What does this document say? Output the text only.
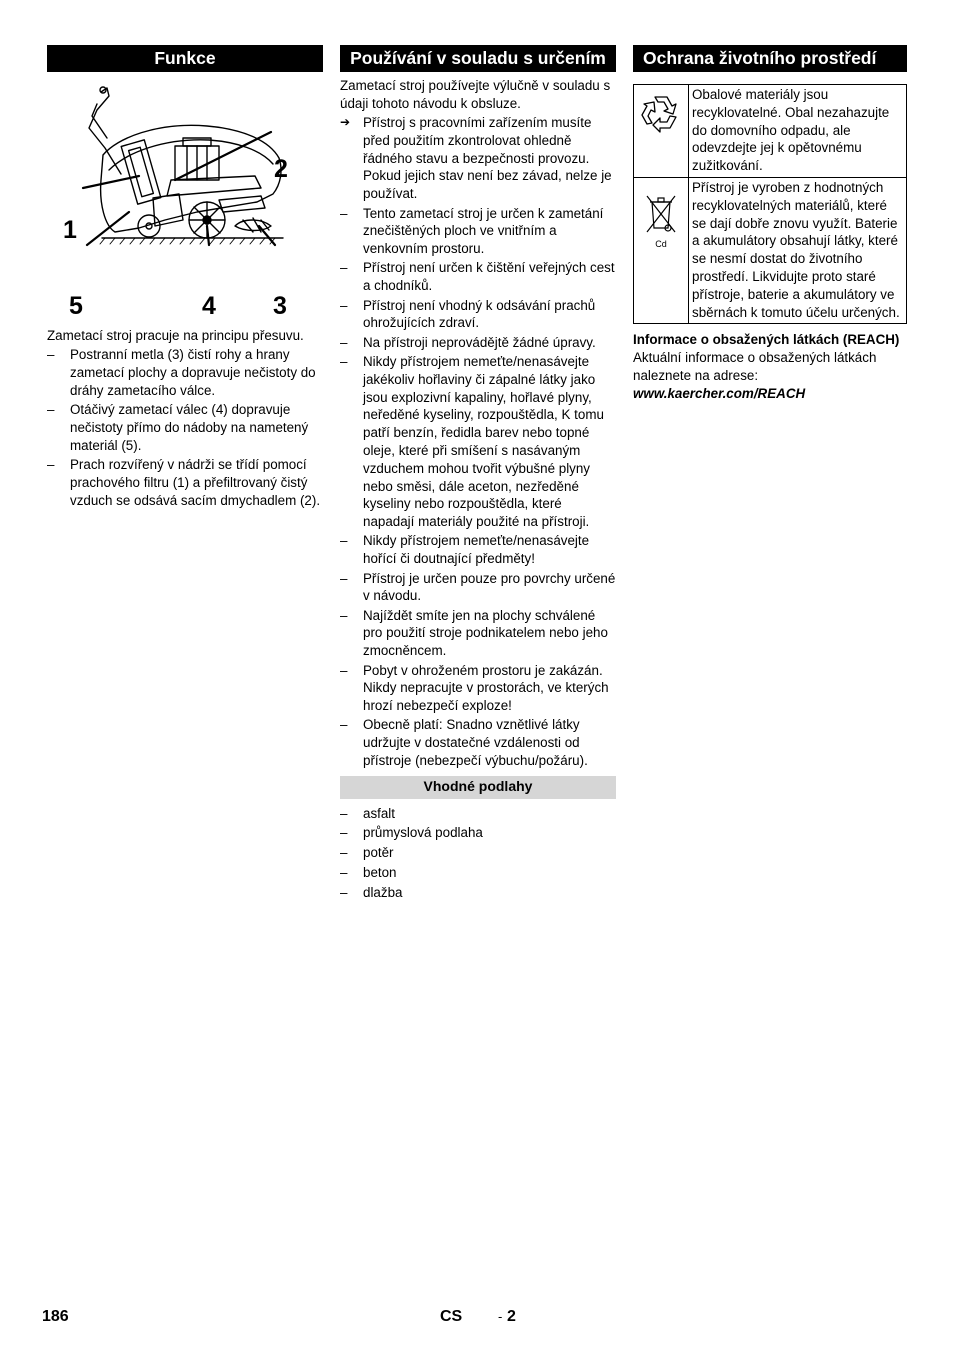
Funkce
1
2
5	4 3

Zametací stroj pracuje na principu přesuvu.

– Postranní metla (3) čistí rohy a hrany zametací plochy a dopravuje nečistoty do dráhy zametacího válce.
– Otáčivý zametací válec (4) dopravuje nečistoty přímo do nádoby na nametený materiál (5).
– Prach rozvířený v nádrži se třídí pomocí prachového filtru (1) a přefiltrovaný čistý vzduch se odsává sacím dmychadlem (2).
Používání v souladu s určením

Zametací stroj používejte výlučně v souladu s údaji tohoto návodu k obsluze.

➔ Přístroj s pracovními zařízením musíte před použitím zkontrolovat ohledně řádného stavu a bezpečnosti provozu. Pokud jejich stav není bez závad, nelze je používat.
– Tento zametací stroj je určen k zametání znečištěných ploch ve vnitřním a venkovním prostoru.
– Přístroj není určen k čištění veřejných cest a chodníků.
– Přístroj není vhodný k odsávání prachů ohrožujících zdraví.
– Na přístroji neprovádějtě žádné úpravy.
– Nikdy přístrojem nemeťte/nenasávejte jakékoliv hořlaviny či zápalné látky jako jsou explozivní kapaliny, hořlavé plyny, neředěné kyseliny, rozpouštědla, K tomu patří benzín, ředidla barev nebo topné oleje, které při smíšení s nasávaným vzduchem mohou tvořit výbušné plyny nebo směsi, dále aceton, nezředěné kyseliny nebo rozpouštědla, které napadají materiály použité na přístroji.
– Nikdy přístrojem nemeťte/nenasávejte hořící či doutnající předměty!
– Přístroj je určen pouze pro povrchy určené v návodu.
– Najíždět smíte jen na plochy schválené pro použití stroje podnikatelem nebo jeho zmocněncem.
– Pobyt v ohroženém prostoru je zakázán. Nikdy nepracujte v prostorách, ve kterých hrozí nebezpečí exploze!
– Obecně platí: Snadno vznětlivé látky udržujte v dostatečné vzdálenosti od přístroje (nebezpečí výbuchu/požáru).
Vhodné podlahy
– asfalt
– průmyslová podlaha
– potěr
– beton
– dlažba
Ochrana životního prostředí
	Obalové materiály jsou recyklovatelné. Obal nezahazujte do domovního odpadu, ale odevzdejte jej k opětovnému zužitkování.

Cd	Přístroj je vyroben z hodnotných recyklovatelných materiálů, které se dají dobře znovu využít. Baterie a akumulátory obsahují látky, které se nesmí dostat do životního prostředí. Likvidujte proto staré přístroje, baterie a akumulátory ve sběrnách k tomuto účelu určených.

Informace o obsažených látkách (REACH)

Aktuální informace o obsažených látkách naleznete na adrese:

www.kaercher.com/REACH

186	CS	- 2
